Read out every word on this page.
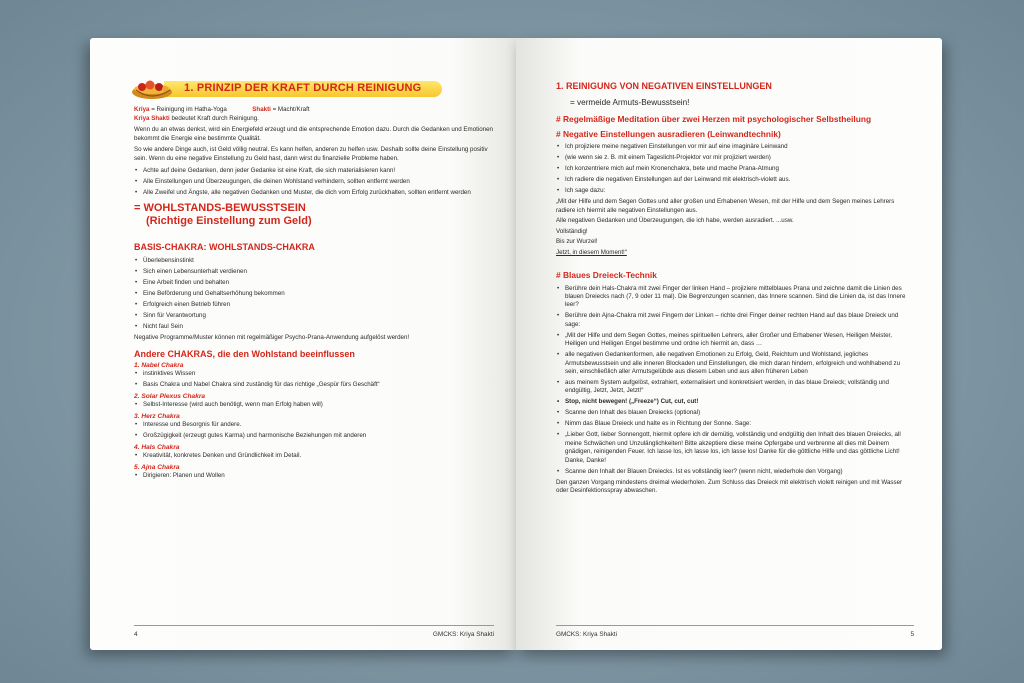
1. PRINZIP DER KRAFT DURCH REINIGUNG

Kriya = Reinigung im Hatha-Yoga	Shakti = Macht/Kraft

Kriya Shakti bedeutet Kraft durch Reinigung.

Wenn du an etwas denkst, wird ein Energiefeld erzeugt und die entsprechende Emotion dazu. Durch die Gedanken und Emotionen bekommt die Energie eine bestimmte Qualität.

So wie andere Dinge auch, ist Geld völlig neutral. Es kann helfen, anderen zu helfen usw. Deshalb sollte deine Einstellung positiv sein. Wenn du eine negative Einstellung zu Geld hast, dann wirst du finanzielle Probleme haben.

• Achte auf deine Gedanken, denn jeder Gedanke ist eine Kraft, die sich materialisieren kann!
• Alle Einstellungen und Überzeugungen, die deinen Wohlstand verhindern, sollten entfernt werden
• Alle Zweifel und Ängste, alle negativen Gedanken und Muster, die dich vom Erfolg zurückhalten, sollten entfernt werden

= WOHLSTANDS-BEWUSSTSEIN

(Richtige Einstellung zum Geld)

BASIS-CHAKRA: WOHLSTANDS-CHAKRA

• Überlebensinstinkt
• Sich einen Lebensunterhalt verdienen
• Eine Arbeit finden und behalten
• Eine Beförderung und Gehaltserhöhung bekommen
• Erfolgreich einen Betrieb führen
• Sinn für Verantwortung
• Nicht faul Sein

Negative Programme/Muster können mit regelmäßiger Psycho-Prana-Anwendung aufgelöst werden!

Andere CHAKRAS, die den Wohlstand beeinflussen

1. Nabel Chakra

• instinktives Wissen
• Basis Chakra und Nabel Chakra sind zuständig für das richtige „Gespür fürs Geschäft“

2. Solar Plexus Chakra

• Selbst-Interesse (wird auch benötigt, wenn man Erfolg haben will)

3. Herz Chakra

• Interesse und Besorgnis für andere.
• Großzügigkeit (erzeugt gutes Karma) und harmonische Beziehungen mit anderen

4. Hals Chakra

• Kreativität, konkretes Denken und Gründlichkeit im Detail.

5. Ajna Chakra

• Dirigieren: Planen und Wollen
4	GMCKS: Kriya Shakti

1. REINIGUNG VON NEGATIVEN EINSTELLUNGEN

= vermeide Armuts-Bewusstsein!

# Regelmäßige Meditation über zwei Herzen mit psychologischer Selbstheilung

# Negative Einstellungen ausradieren (Leinwandtechnik)

• Ich projiziere meine negativen Einstellungen vor mir auf eine imaginäre Leinwand
• (wie wenn sie z. B. mit einem Tageslicht-Projektor vor mir projiziert werden)
• Ich konzentriere mich auf mein Kronenchakra, bete und mache Prana-Atmung
• Ich radiere die negativen Einstellungen auf der Leinwand mit elektrisch-violett aus.
• Ich sage dazu:

„Mit der Hilfe und dem Segen Gottes und aller großen und Erhabenen Wesen, mit der Hilfe und dem Segen meines Lehrers radiere ich hiermit alle negativen Einstellungen aus.

Alle negativen Gedanken und Überzeugungen, die ich habe, werden ausradiert. ...usw.

Vollständig!

Bis zur Wurzel!

Jetzt, in diesem Moment!“

# Blaues Dreieck-Technik

• Berühre dein Hals-Chakra mit zwei Finger der linken Hand – projiziere mittelblaues Prana und zeichne damit die Linien des blauen Dreiecks nach (7, 9 oder 11 mal). Die Begrenzungen scannen, das Innere scannen. Sind die Linien da, ist das Innere leer?
• Berühre dein Ajna-Chakra mit zwei Fingern der Linken – richte drei Finger deiner rechten Hand auf das blaue Dreieck und sage:
• „Mit der Hilfe und dem Segen Gottes, meines spirituellen Lehrers, aller Großer und Erhabener Wesen, Heiligen Meister, Heiligen und Heiligen Engel bestimme und ordne ich hiermit an, dass …
• alle negativen Gedankenformen, alle negativen Emotionen zu Erfolg, Geld, Reichtum und Wohlstand, jegliches Armutsbewusstsein und alle inneren Blockaden und Einstellungen, die mich daran hindern, erfolgreich und wohlhabend zu sein, einschließlich aller Armutsgelübde aus diesem Leben und aus allen früheren Leben
• aus meinem System aufgelöst, extrahiert, externalisiert und konkretisiert werden, in das blaue Dreieck; vollständig und endgültig, Jetzt, Jetzt, Jetzt!“
• Stop, nicht bewegen! („Freeze“) Cut, cut, cut!
• Scanne den Inhalt des blauen Dreiecks (optional)
• Nimm das Blaue Dreieck und halte es in Richtung der Sonne. Sage:
• „Lieber Gott, lieber Sonnengott, hiermit opfere ich dir demütig, vollständig und endgültig den Inhalt des blauen Dreiecks, all meine Schwächen und Unzulänglichkeiten! Bitte akzeptiere diese meine Opfergabe und verbrenne all dies mit Deinem gnädigen, reinigenden Feuer. Ich lasse los, ich lasse los, ich lasse los! Danke für die göttliche Hilfe und das göttliche Licht! Danke, Danke!
• Scanne den Inhalt der Blauen Dreiecks. Ist es vollständig leer? (wenn nicht, wiederhole den Vorgang)

Den ganzen Vorgang mindestens dreimal wiederholen. Zum Schluss das Dreieck mit elektrisch violett reinigen und mit Wasser oder Desinfektionsspray abwaschen.

GMCKS: Kriya Shakti	5
